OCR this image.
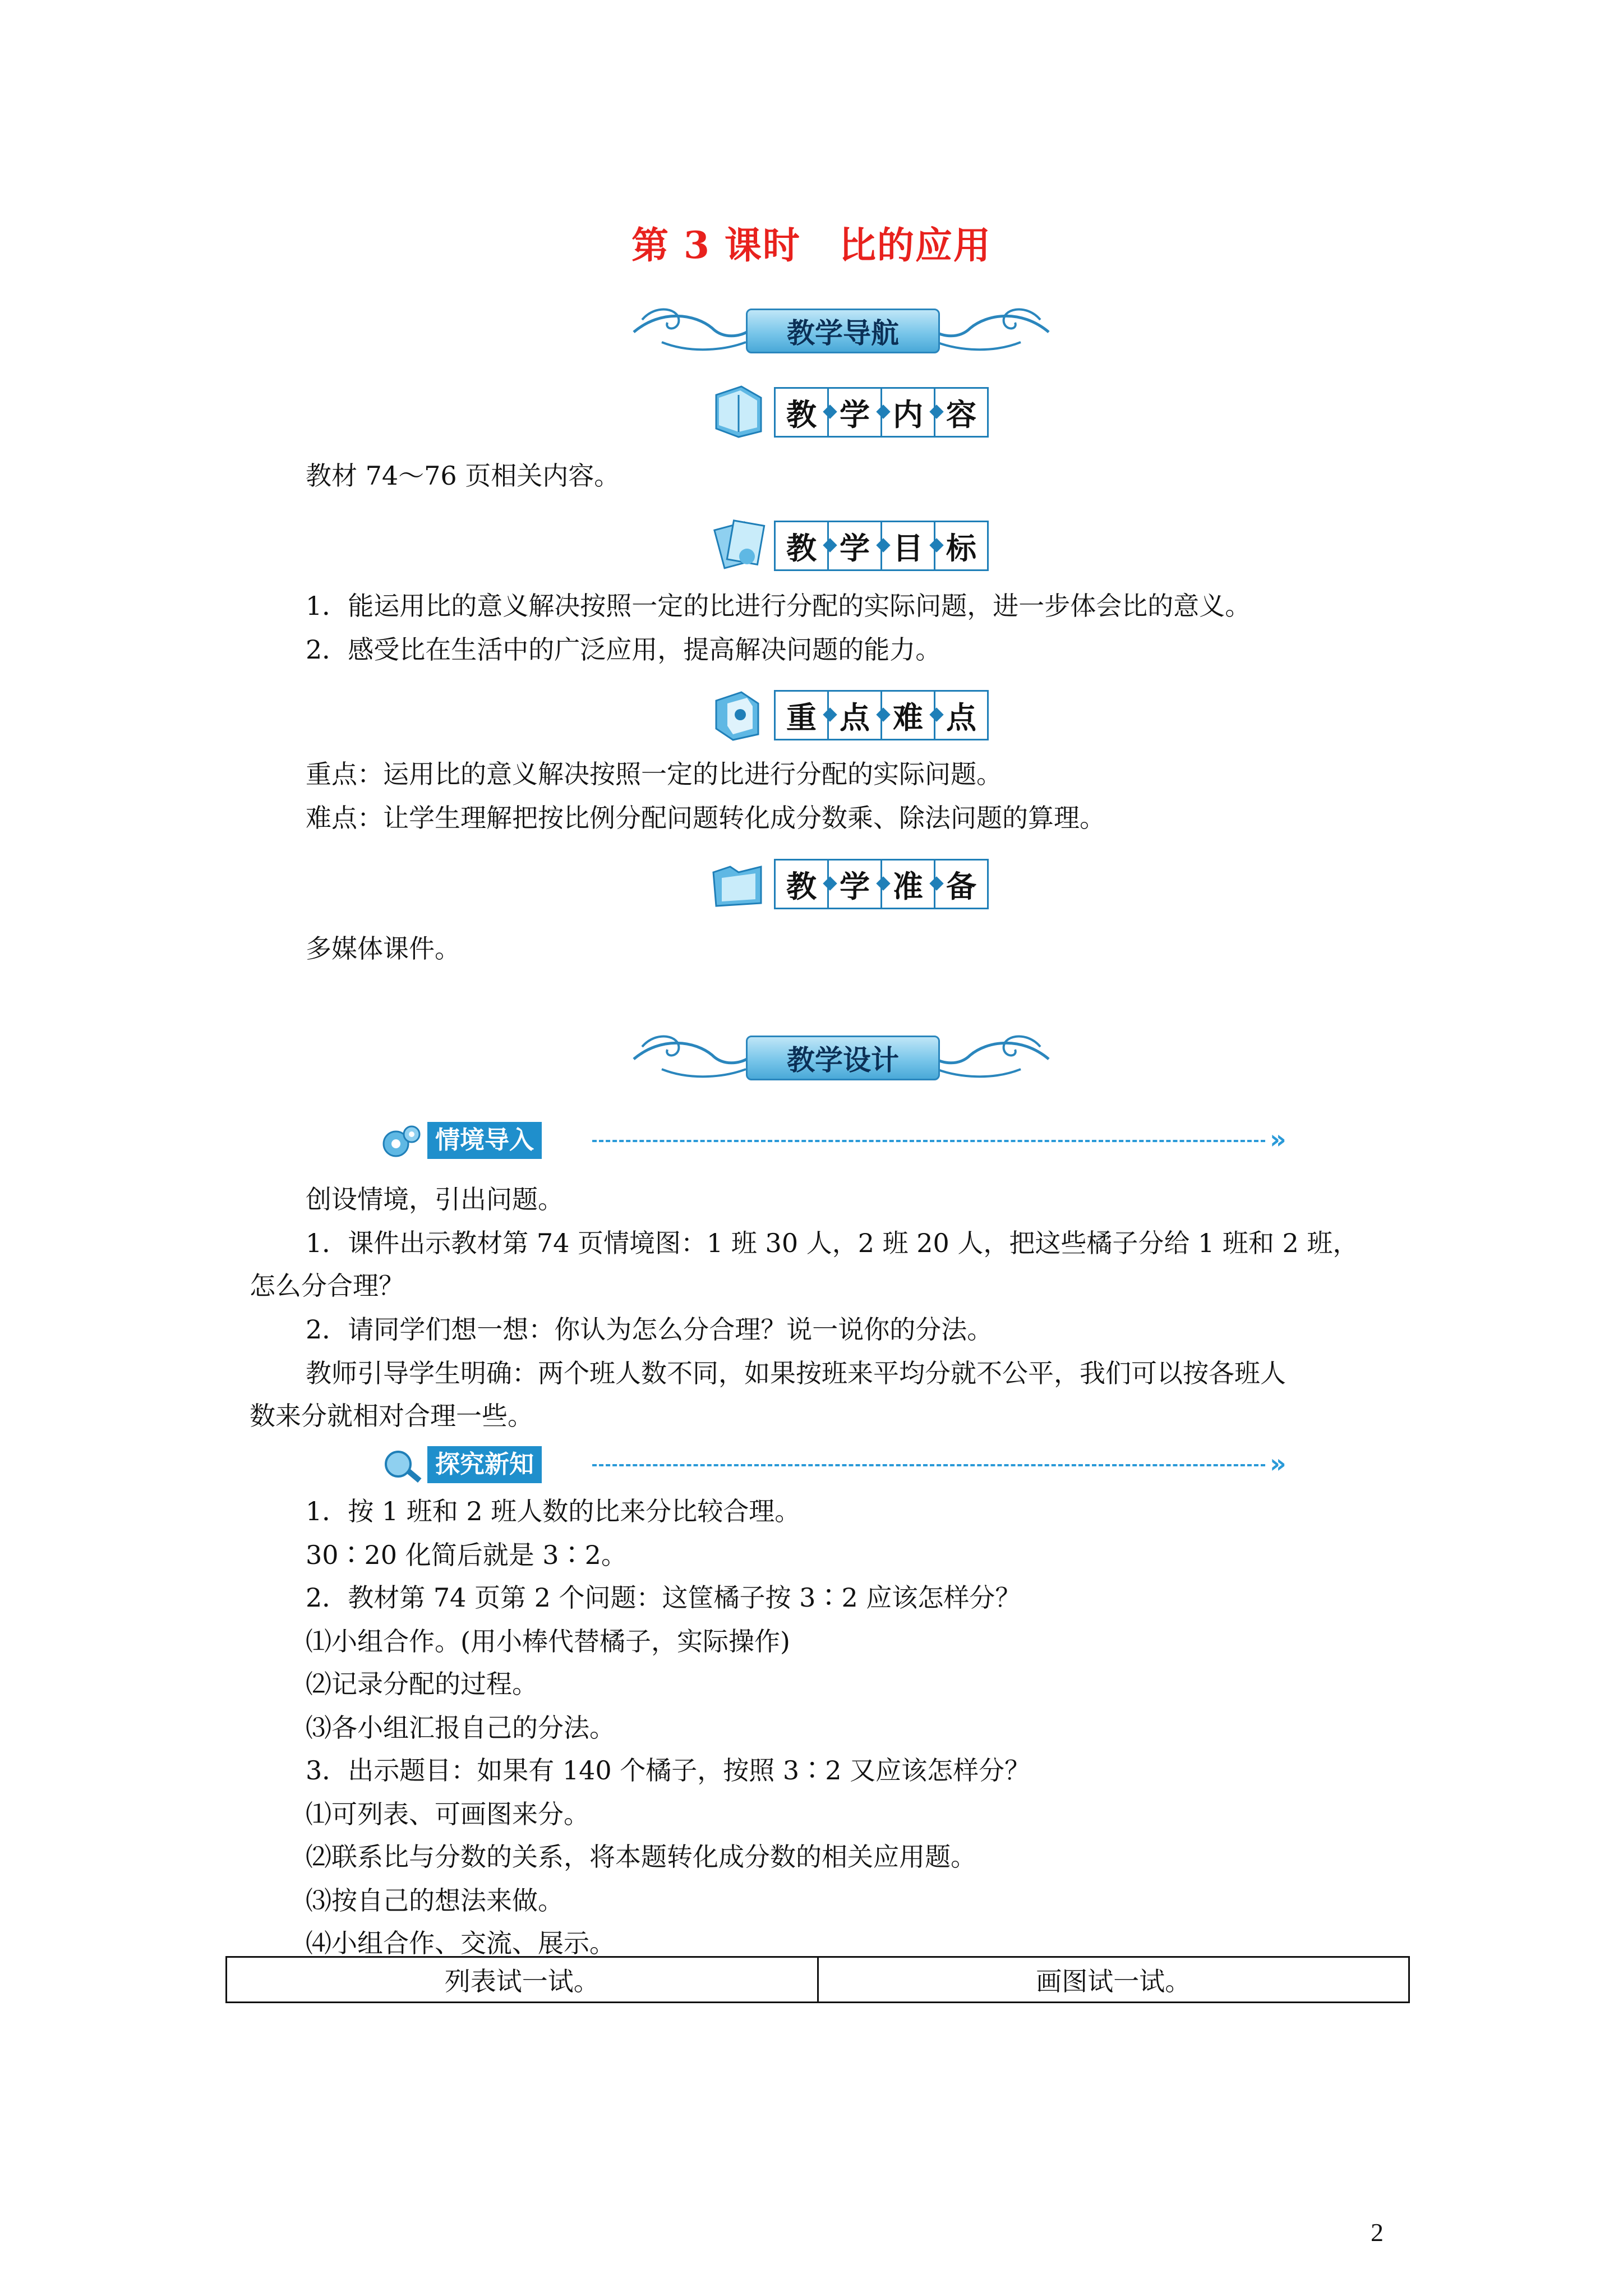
第 3 课时　比的应用
教学导航
教 学 内 容
教材 74～76 页相关内容。
教 学 目 标
1．能运用比的意义解决按照一定的比进行分配的实际问题，进一步体会比的意义。
2．感受比在生活中的广泛应用，提高解决问题的能力。
重 点 难 点
重点：运用比的意义解决按照一定的比进行分配的实际问题。
难点：让学生理解把按比例分配问题转化成分数乘、除法问题的算理。
教 学 准 备
多媒体课件。
教学设计
情境导入	»
创设情境，引出问题。
1．课件出示教材第 74 页情境图：1 班 30 人，2 班 20 人，把这些橘子分给 1 班和 2 班，
怎么分合理？
2．请同学们想一想：你认为怎么分合理？说一说你的分法。
教师引导学生明确：两个班人数不同，如果按班来平均分就不公平，我们可以按各班人
数来分就相对合理一些。
探究新知	»
1．按 1 班和 2 班人数的比来分比较合理。
30∶20 化简后就是 3∶2。
2．教材第 74 页第 2 个问题：这筐橘子按 3∶2 应该怎样分？
⑴小组合作。(用小棒代替橘子，实际操作)
⑵记录分配的过程。
⑶各小组汇报自己的分法。
3．出示题目：如果有 140 个橘子，按照 3∶2 又应该怎样分？
⑴可列表、可画图来分。
⑵联系比与分数的关系，将本题转化成分数的相关应用题。
⑶按自己的想法来做。
⑷小组合作、交流、展示。
列表试一试。	画图试一试。
2
